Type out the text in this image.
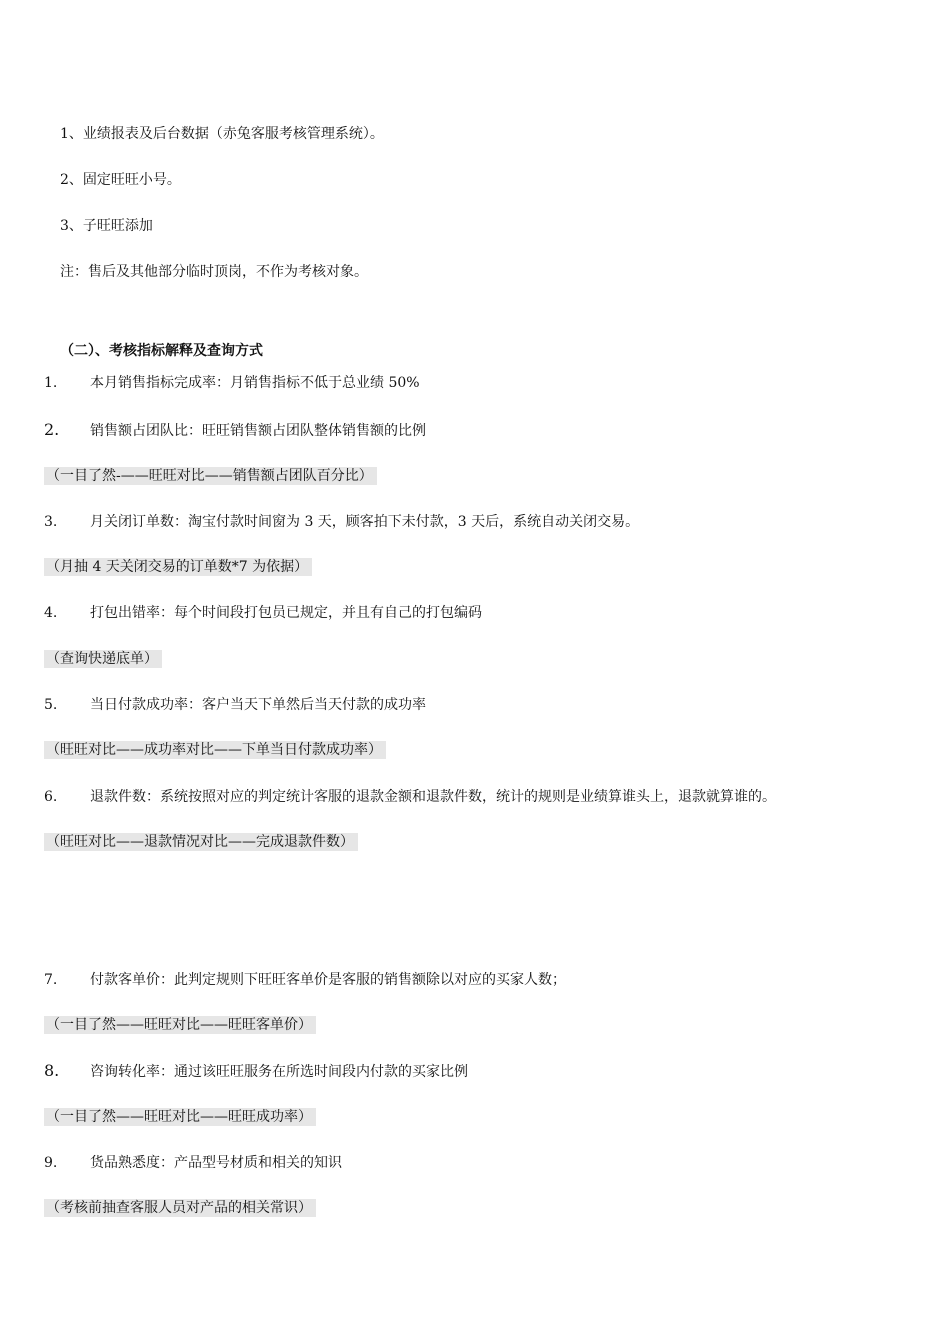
1、业绩报表及后台数据（赤兔客服考核管理系统）。
2、固定旺旺小号。
3、子旺旺添加
注：售后及其他部分临时顶岗，不作为考核对象。
（二）、考核指标解释及查询方式
1. 本月销售指标完成率：月销售指标不低于总业绩 50%
2. 销售额占团队比：旺旺销售额占团队整体销售额的比例
（一目了然-——旺旺对比——销售额占团队百分比）
3. 月关闭订单数：淘宝付款时间窗为 3 天，顾客拍下未付款，3 天后，系统自动关闭交易。
（月抽 4 天关闭交易的订单数*7 为依据）
4. 打包出错率：每个时间段打包员已规定，并且有自己的打包编码
（查询快递底单）
5. 当日付款成功率：客户当天下单然后当天付款的成功率
（旺旺对比——成功率对比——下单当日付款成功率）
6. 退款件数：系统按照对应的判定统计客服的退款金额和退款件数，统计的规则是业绩算谁头上，退款就算谁的。
（旺旺对比——退款情况对比——完成退款件数）
7. 付款客单价：此判定规则下旺旺客单价是客服的销售额除以对应的买家人数；
（一目了然——旺旺对比——旺旺客单价）
8. 咨询转化率：通过该旺旺服务在所选时间段内付款的买家比例
（一目了然——旺旺对比——旺旺成功率）
9. 货品熟悉度：产品型号材质和相关的知识
（考核前抽查客服人员对产品的相关常识）
